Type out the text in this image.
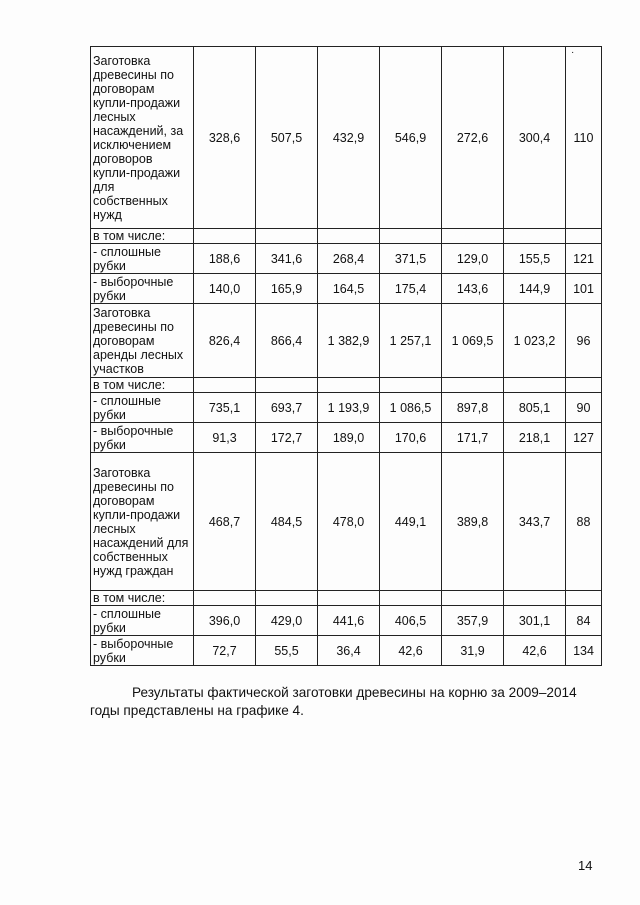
·
Заготовка древесины по договорам купли-продажи лесных насаждений, за исключением договоров купли-продажи для собственных нужд	328,6	507,5	432,9	546,9	272,6	300,4	110
в том числе:							
- сплошные рубки	188,6	341,6	268,4	371,5	129,0	155,5	121
- выборочные рубки	140,0	165,9	164,5	175,4	143,6	144,9	101
Заготовка древесины по договорам аренды лесных участков	826,4	866,4	1 382,9	1 257,1	1 069,5	1 023,2	96
в том числе:							
- сплошные рубки	735,1	693,7	1 193,9	1 086,5	897,8	805,1	90
- выборочные рубки	91,3	172,7	189,0	170,6	171,7	218,1	127
Заготовка древесины по договорам купли-продажи лесных насаждений для собственных нужд граждан	468,7	484,5	478,0	449,1	389,8	343,7	88
в том числе:							
- сплошные рубки	396,0	429,0	441,6	406,5	357,9	301,1	84
- выборочные рубки	72,7	55,5	36,4	42,6	31,9	42,6	134

Результаты фактической заготовки древесины на корню за 2009–2014 годы представлены на графике 4.

14
